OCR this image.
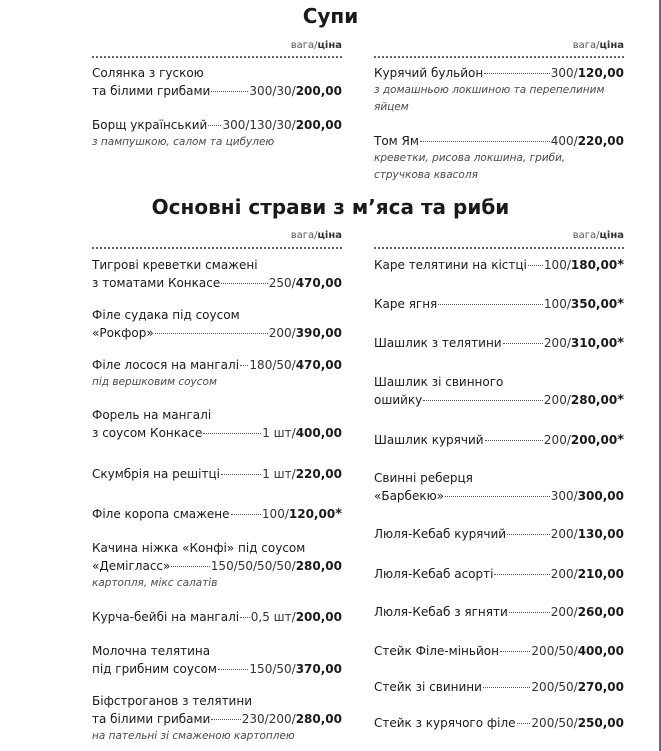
Супи
Основні страви з м’яса та риби
вага/ціна
Солянка з гускою
та білими грибами	300/30/ 200,00
Борщ український 300/130/30/ 200,00
з пампушкою, салом та цибулею
вага/ціна
Курячий бульйон	300/ 120,00
з домашньою локшиною та перепелиним яйцем
Том Ям	400/ 220,00
креветки, рисова локшина, гриби, стручкова квасоля
вага/ціна
Тигрові креветки смажені
з томатами Конкасе	250/ 470,00
Філе судака під соусом
«Рокфор»	200/ 390,00
Філе лосося на мангалі 180/50/ 470,00
під вершковим соусом
Форель на мангалі
з соусом Конкасе	1 шт/ 400,00
Скумбрія на решітці	1 шт/ 220,00
Філе коропа смажене	100/ 120,00 *
Качина ніжка «Конфі» під соусом
«Демігласс»	150/50/50/50/ 280,00
картопля, мікс салатів
Курча-бейбі на мангалі 0,5 шт/ 200,00
Молочна телятина
під грибним соусом	150/50/ 370,00
Біфстроганов з телятини
та білими грибами	230/200/ 280,00
на пательні зі смаженою картоплею
вага/ціна
Каре телятини на кістці 100/ 180,00 *
Каре ягня	100/ 350,00 *
Шашлик з телятини	200/ 310,00 *
Шашлик зі свинного
ошийку	200/ 280,00 *
Шашлик курячий	200/ 200,00 *
Свинні реберця
«Барбекю»	300/ 300,00
Люля-Кебаб курячий	200/ 130,00
Люля-Кебаб асорті	200/ 210,00
Люля-Кебаб з ягняти	200/ 260,00
Стейк Філе-міньйон	200/50/ 400,00
Стейк зі свинини	200/50/ 270,00
Стейк з курячого філе 200/50/ 250,00
